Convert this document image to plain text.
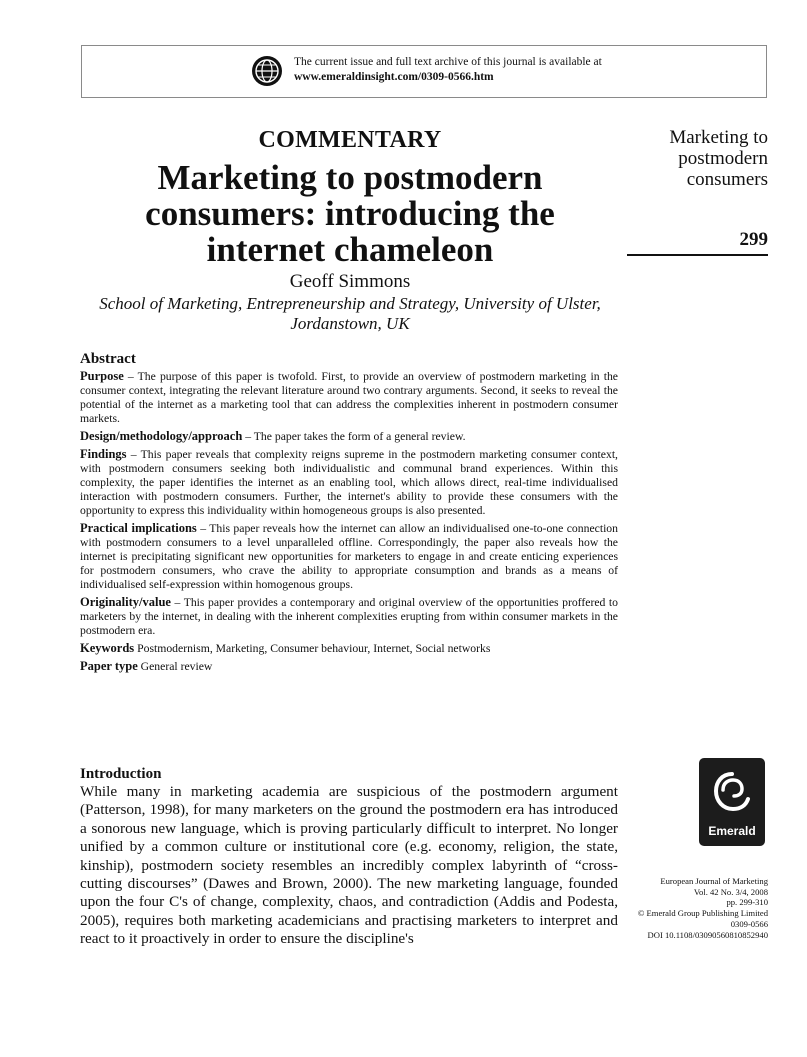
The current issue and full text archive of this journal is available at
www.emeraldinsight.com/0309-0566.htm
COMMENTARY
Marketing to postmodern
consumers: introducing the
internet chameleon
Geoff Simmons
School of Marketing, Entrepreneurship and Strategy, University of Ulster,
Jordanstown, UK
Marketing to
postmodern
consumers
299
Abstract

Purpose – The purpose of this paper is twofold. First, to provide an overview of postmodern marketing in the consumer context, integrating the relevant literature around two contrary arguments. Second, it seeks to reveal the potential of the internet as a marketing tool that can address the complexities inherent in postmodern consumer markets.

Design/methodology/approach – The paper takes the form of a general review.

Findings – This paper reveals that complexity reigns supreme in the postmodern marketing consumer context, with postmodern consumers seeking both individualistic and communal brand experiences. Within this complexity, the paper identifies the internet as an enabling tool, which allows direct, real-time individualised interaction with postmodern consumers. Further, the internet's ability to provide these consumers with the opportunity to express this individuality within homogeneous groups is also presented.

Practical implications – This paper reveals how the internet can allow an individualised one-to-one connection with postmodern consumers to a level unparalleled offline. Correspondingly, the paper also reveals how the internet is precipitating significant new opportunities for marketers to engage in and create enticing experiences for postmodern consumers, who crave the ability to appropriate consumption and brands as a means of individualised self-expression within homogenous groups.

Originality/value – This paper provides a contemporary and original overview of the opportunities proffered to marketers by the internet, in dealing with the inherent complexities erupting from within consumer markets in the postmodern era.

Keywords Postmodernism, Marketing, Consumer behaviour, Internet, Social networks

Paper type General review

Introduction

While many in marketing academia are suspicious of the postmodern argument (Patterson, 1998), for many marketers on the ground the postmodern era has introduced a sonorous new language, which is proving particularly difficult to interpret. No longer unified by a common culture or institutional core (e.g. economy, religion, the state, kinship), postmodern society resembles an incredibly complex labyrinth of “cross-cutting discourses” (Dawes and Brown, 2000). The new marketing language, founded upon the four C's of change, complexity, chaos, and contradiction (Addis and Podesta, 2005), requires both marketing academicians and practising marketers to interpret and react to it proactively in order to ensure the discipline's

Emerald
European Journal of Marketing
Vol. 42 No. 3/4, 2008
pp. 299-310
© Emerald Group Publishing Limited
0309-0566
DOI 10.1108/03090560810852940
